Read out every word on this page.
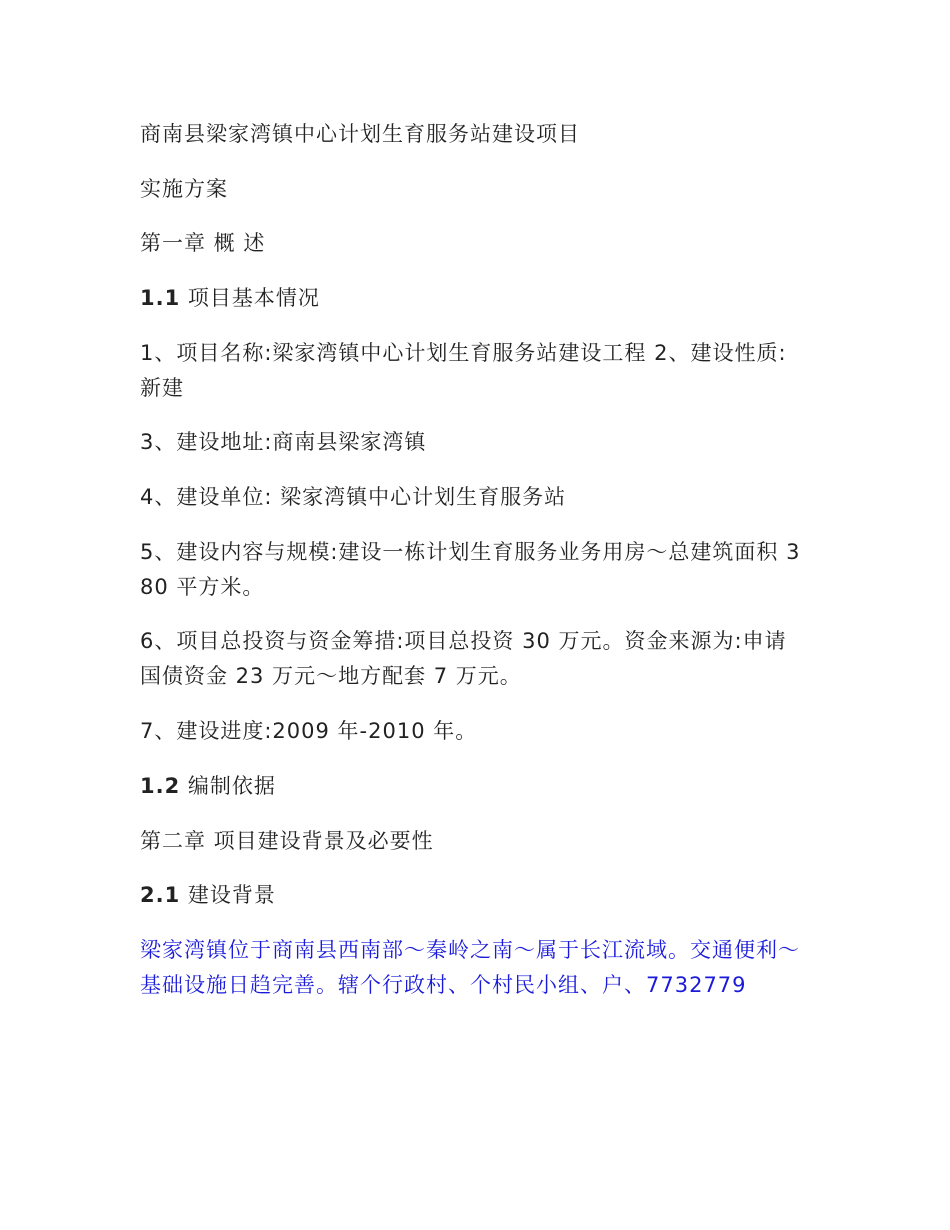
商南县梁家湾镇中心计划生育服务站建设项目
实施方案
第一章 概 述
1.1 项目基本情况
1、项目名称:梁家湾镇中心计划生育服务站建设工程 2、建设性质:新建
3、建设地址:商南县梁家湾镇
4、建设单位: 梁家湾镇中心计划生育服务站
5、建设内容与规模:建设一栋计划生育服务业务用房～总建筑面积 380 平方米。
6、项目总投资与资金筹措:项目总投资 30 万元。资金来源为:申请国债资金 23 万元～地方配套 7 万元。
7、建设进度:2009 年-2010 年。
1.2 编制依据
第二章 项目建设背景及必要性
2.1 建设背景
梁家湾镇位于商南县西南部～秦岭之南～属于长江流域。交通便利～基础设施日趋完善。辖个行政村、个村民小组、户、7732779
